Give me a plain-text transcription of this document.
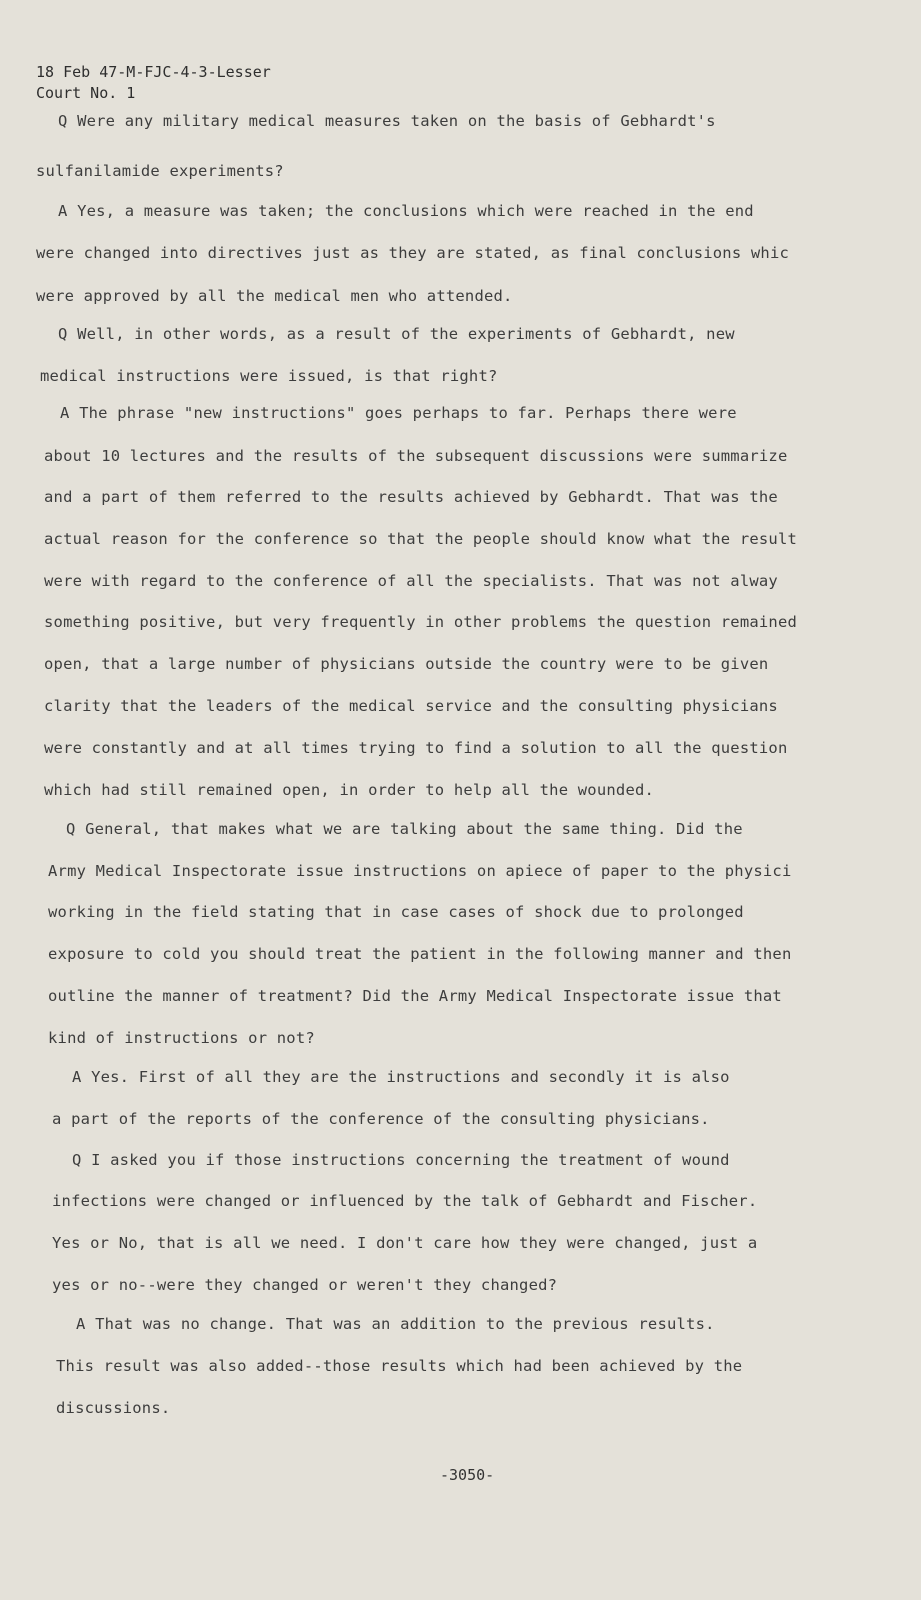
18 Feb 47-M-FJC-4-3-Lesser
Court No. 1
Q Were any military medical measures taken on the basis of Gebhardt's
sulfanilamide experiments?
A Yes, a measure was taken; the conclusions which were reached in the end
were changed into directives just as they are stated, as final conclusions whic
were approved by all the medical men who attended.
Q Well, in other words, as a result of the experiments of Gebhardt, new
medical instructions were issued, is that right?
A The phrase "new instructions" goes perhaps to far. Perhaps there were
about 10 lectures and the results of the subsequent discussions were summarize
and a part of them referred to the results achieved by Gebhardt. That was the
actual reason for the conference so that the people should know what the result
were with regard to the conference of all the specialists. That was not alway
something positive, but very frequently in other problems the question remained
open, that a large number of physicians outside the country were to be given
clarity that the leaders of the medical service and the consulting physicians
were constantly and at all times trying to find a solution to all the question
which had still remained open, in order to help all the wounded.
Q General, that makes what we are talking about the same thing. Did the
Army Medical Inspectorate issue instructions on apiece of paper to the physici
working in the field stating that in case cases of shock due to prolonged
exposure to cold you should treat the patient in the following manner and then
outline the manner of treatment? Did the Army Medical Inspectorate issue that
kind of instructions or not?
A Yes. First of all they are the instructions and secondly it is also
a part of the reports of the conference of the consulting physicians.
Q I asked you if those instructions concerning the treatment of wound
infections were changed or influenced by the talk of Gebhardt and Fischer.
Yes or No, that is all we need. I don't care how they were changed, just a
yes or no--were they changed or weren't they changed?
A That was no change. That was an addition to the previous results.
This result was also added--those results which had been achieved by the
discussions.
-3050-
